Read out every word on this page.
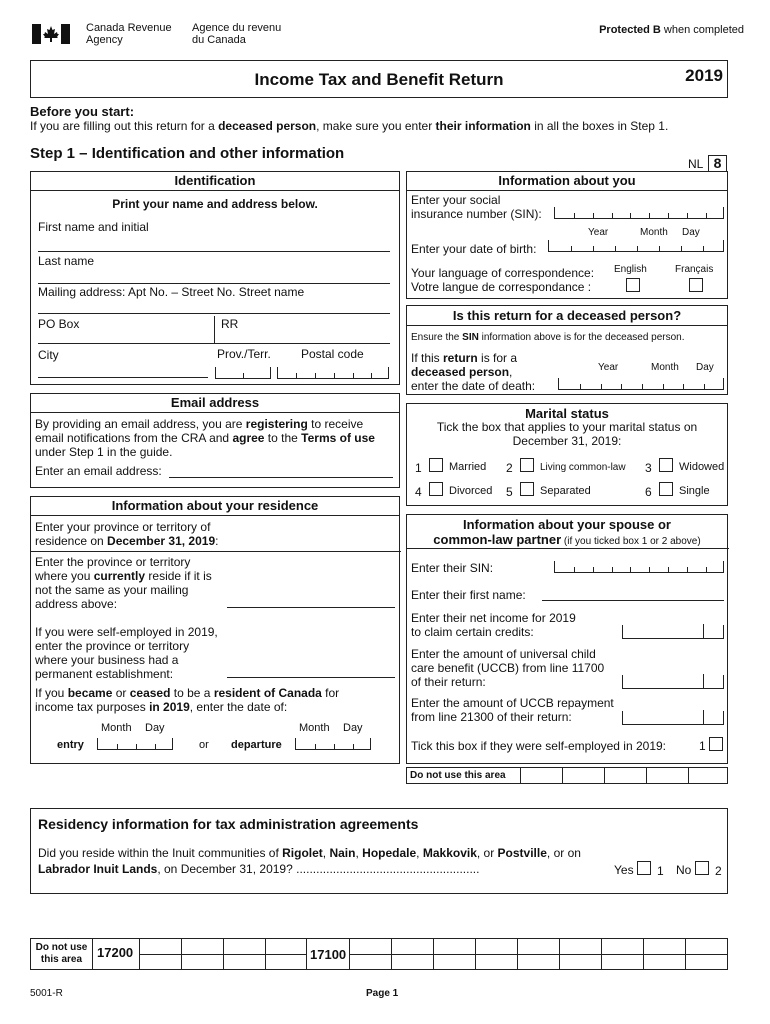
Canada Revenue
Agency
Agence du revenu
du Canada
Protected B when completed
Income Tax and Benefit Return	2019
Before you start:
If you are filling out this return for a deceased person, make sure you enter their information in all the boxes in Step 1.
Step 1 – Identification and other information
NL 8
Identification
Print your name and address below.
First name and initial
Last name
Mailing address: Apt No. – Street No. Street name
PO Box	RR
City	Prov./Terr.	Postal code
Email address
By providing an email address, you are registering to receive
email notifications from the CRA and agree to the Terms of use
under Step 1 in the guide.
Enter an email address:
Information about your residence
Enter your province or territory of
residence on December 31, 2019:
Enter the province or territory
where you currently reside if it is
not the same as your mailing
address above:
If you were self-employed in 2019,
enter the province or territory
where your business had a
permanent establishment:
If you became or ceased to be a resident of Canada for
income tax purposes in 2019, enter the date of:
Month Day
entry	or
Month Day
departure
Information about you
Enter your social
insurance number (SIN):
Year	Month Day
Enter your date of birth:
Your language of correspondence:
Votre langue de correspondance :
English	Français
Is this return for a deceased person?
Ensure the SIN information above is for the deceased person.
If this return is for a
deceased person,
enter the date of death:
Year	Month Day
Marital status
Tick the box that applies to your marital status on
December 31, 2019:
1 Married 2	Living common-law 3 Widowed
4 Divorced 5 Separated	6 Single
Information about your spouse or
common-law partner (if you ticked box 1 or 2 above)
Enter their SIN:
Enter their first name:
Enter their net income for 2019
to claim certain credits:
Enter the amount of universal child
care benefit (UCCB) from line 11700
of their return:
Enter the amount of UCCB repayment
from line 21300 of their return:
Tick this box if they were self-employed in 2019:	1
Do not use this area
Residency information for tax administration agreements
Did you reside within the Inuit communities of Rigolet, Nain, Hopedale, Makkovik, or Postville, or on
Labrador Inuit Lands, on December 31, 2019? .......................................................	Yes 1 No 2
Do not use
this area	17200	17100
5001-R	Page 1
